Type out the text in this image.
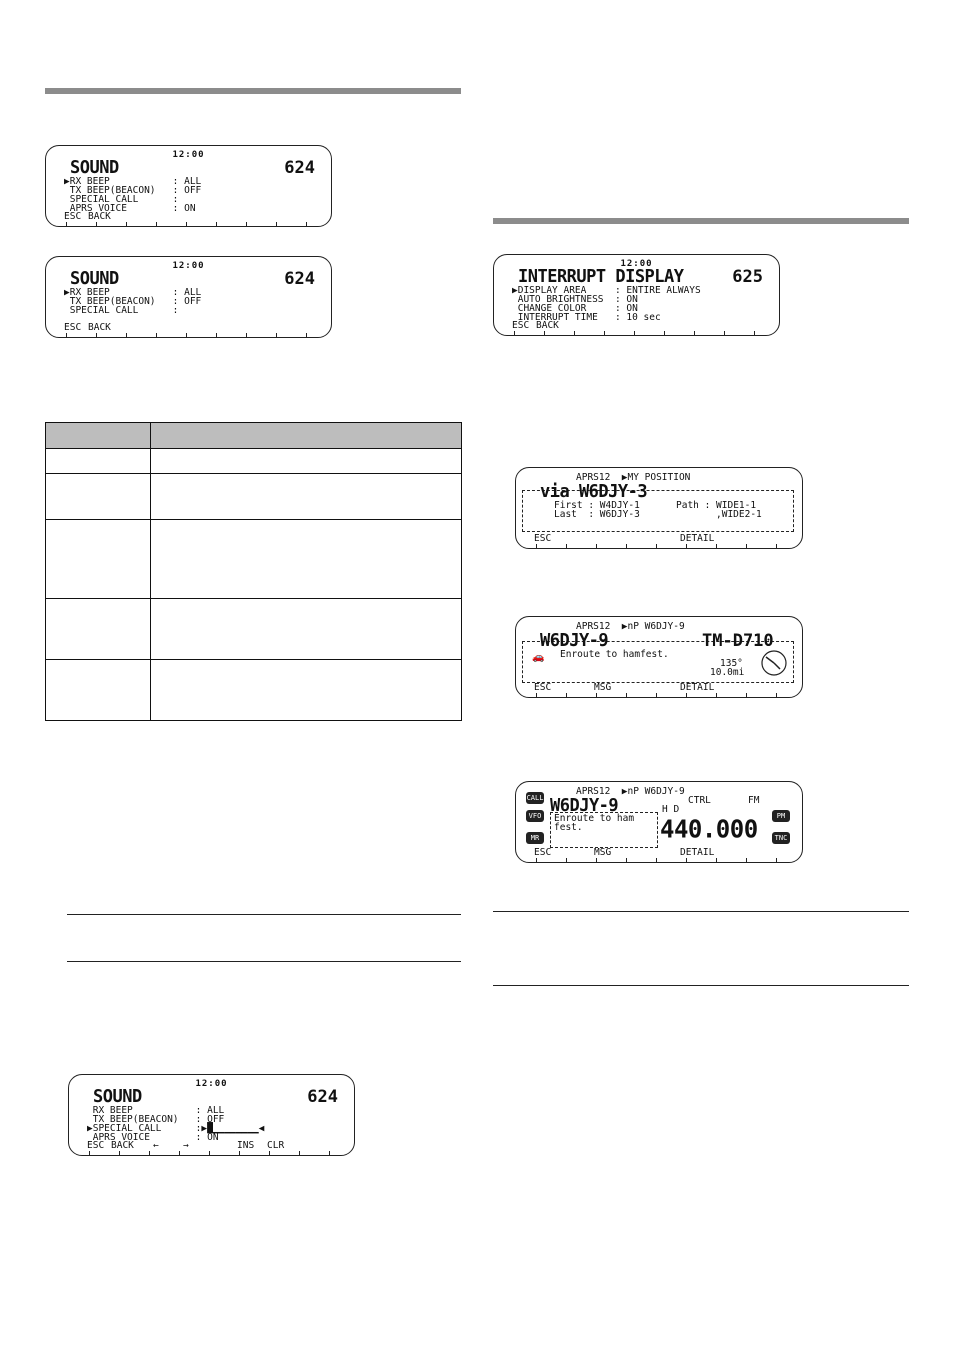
12:00
SOUND	624
▶RX BEEP           : ALL
TX BEEP(BEACON)   : OFF
SPECIAL CALL      :
APRS VOICE        : ON
ESC BACK
12:00
SOUND	624
▶RX BEEP           : ALL
TX BEEP(BEACON)   : OFF
SPECIAL CALL      :
ESC BACK
12:00
SOUND	624
RX BEEP           : ALL
TX BEEP(BEACON)   : OFF
▶SPECIAL CALL      :▶█▁▁▁▁▁▁▁▁◀
APRS VOICE        : ON
ESC BACK ←	→	INS CLR
12:00
INTERRUPT DISPLAY	625
▶DISPLAY AREA     : ENTIRE ALWAYS
AUTO BRIGHTNESS  : ON
CHANGE COLOR     : ON
INTERRUPT TIME   : 10 sec
ESC BACK
APRS12  ▶MY POSITION
via W6DJY-3
First : W4DJY-1
Last  : W6DJY-3
Path : WIDE1-1
,WIDE2-1
ESC	DETAIL
APRS12  ▶nP W6DJY-9
W6DJY-9	TM-D710
🚗 Enroute to hamfest.
135°
10.0mi
ESC	MSG	DETAIL
APRS12  ▶nP W6DJY-9
CALL
VFO
MR
W6DJY-9
Enroute to ham
fest.
CTRL	FM
H D
440.000	PM
TNC
ESC	MSG	DETAIL
